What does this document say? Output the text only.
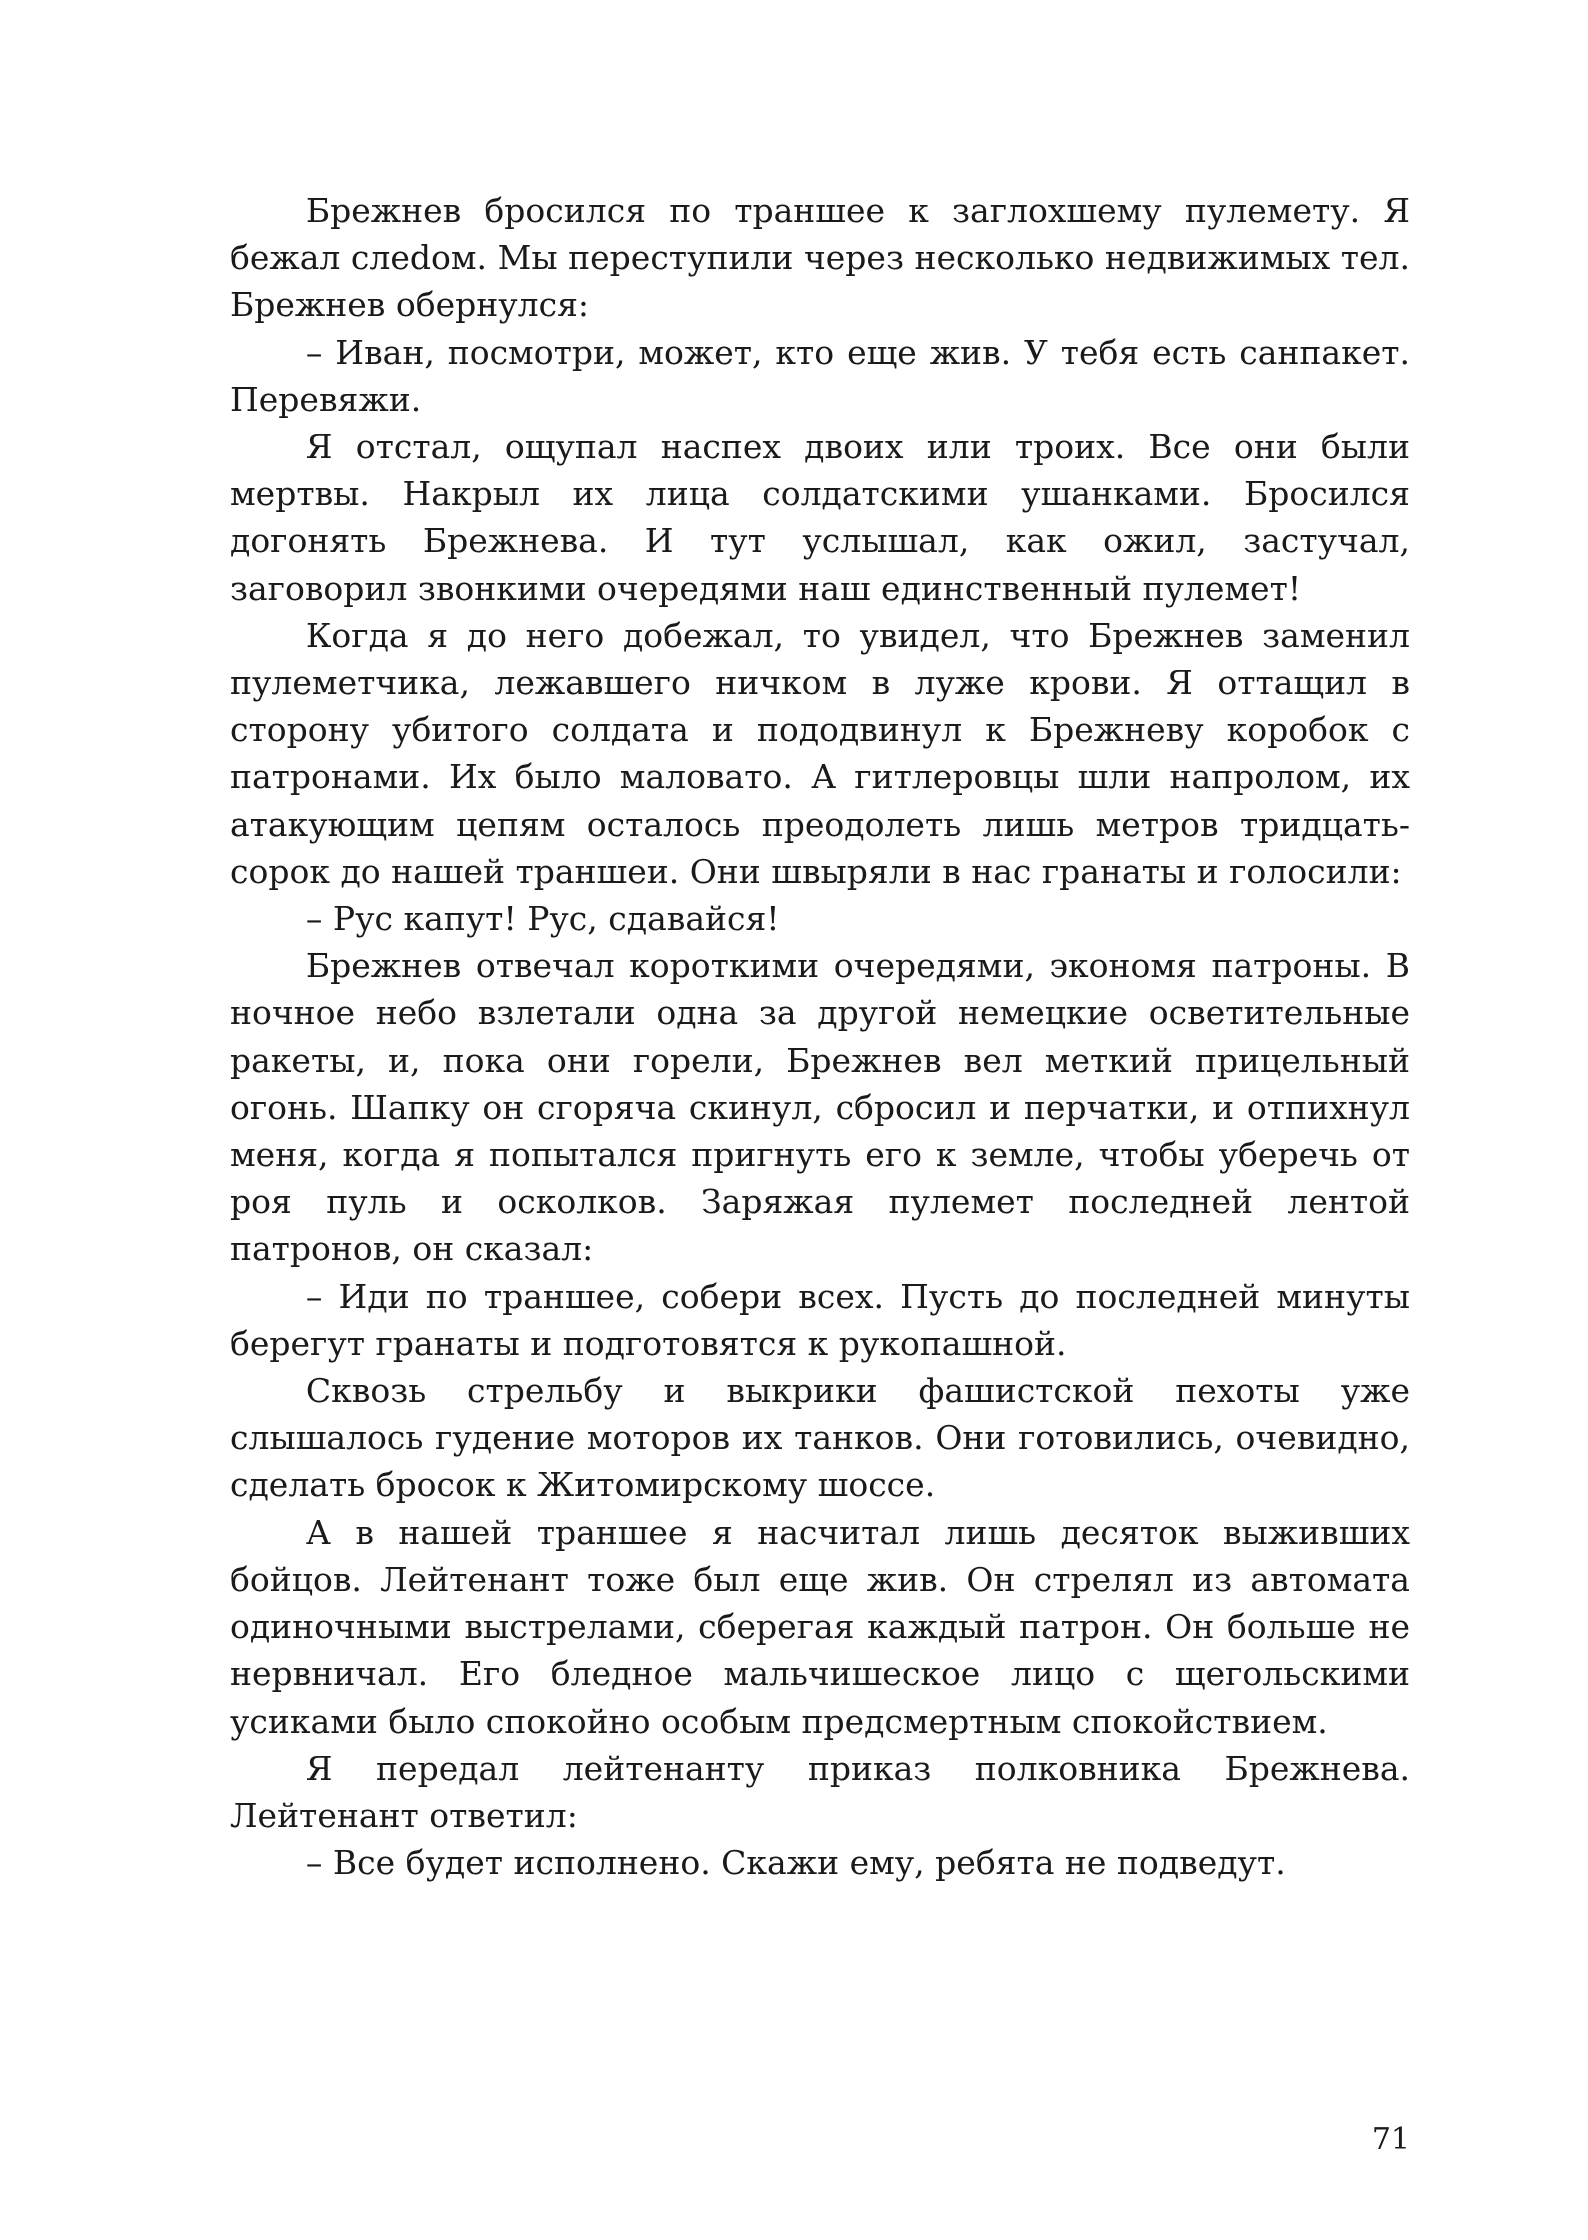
Брежнев бросился по траншее к заглохшему пулемету. Я бежал слеdом. Мы переступили через несколько недвижимых тел. Брежнев обернулся:

– Иван, посмотри, может, кто еще жив. У тебя есть санпакет. Перевяжи.

Я отстал, ощупал наспех двоих или троих. Все они были мертвы. Накрыл их лица солдатскими ушанками. Бросился догонять Брежнева. И тут услышал, как ожил, застучал, заговорил звонкими очередями наш единственный пулемет!

Когда я до него добежал, то увидел, что Брежнев заменил пулеметчика, лежавшего ничком в луже крови. Я оттащил в сторону убитого солдата и пододвинул к Брежневу коробок с патронами. Их было маловато. А гитлеровцы шли напролом, их атакующим цепям осталось преодолеть лишь метров тридцать-сорок до нашей траншеи. Они швыряли в нас гранаты и голосили:

– Рус капут! Рус, сдавайся!

Брежнев отвечал короткими очередями, экономя патроны. В ночное небо взлетали одна за другой немецкие осветительные ракеты, и, пока они горели, Брежнев вел меткий прицельный огонь. Шапку он сгоряча скинул, сбросил и перчатки, и отпихнул меня, когда я попытался пригнуть его к земле, чтобы уберечь от роя пуль и осколков. Заряжая пулемет последней лентой патронов, он сказал:

– Иди по траншее, собери всех. Пусть до последней минуты берегут гранаты и подготовятся к рукопашной.

Сквозь стрельбу и выкрики фашистской пехоты уже слышалось гудение моторов их танков. Они готовились, очевидно, сделать бросок к Житомирскому шоссе.

А в нашей траншее я насчитал лишь десяток выживших бойцов. Лейтенант тоже был еще жив. Он стрелял из автомата одиночными выстрелами, сберегая каждый патрон. Он больше не нервничал. Его бледное мальчишеское лицо с щегольскими усиками было спокойно особым предсмертным спокойствием.

Я передал лейтенанту приказ полковника Брежнева. Лейтенант ответил:

– Все будет исполнено. Скажи ему, ребята не подведут.

71
